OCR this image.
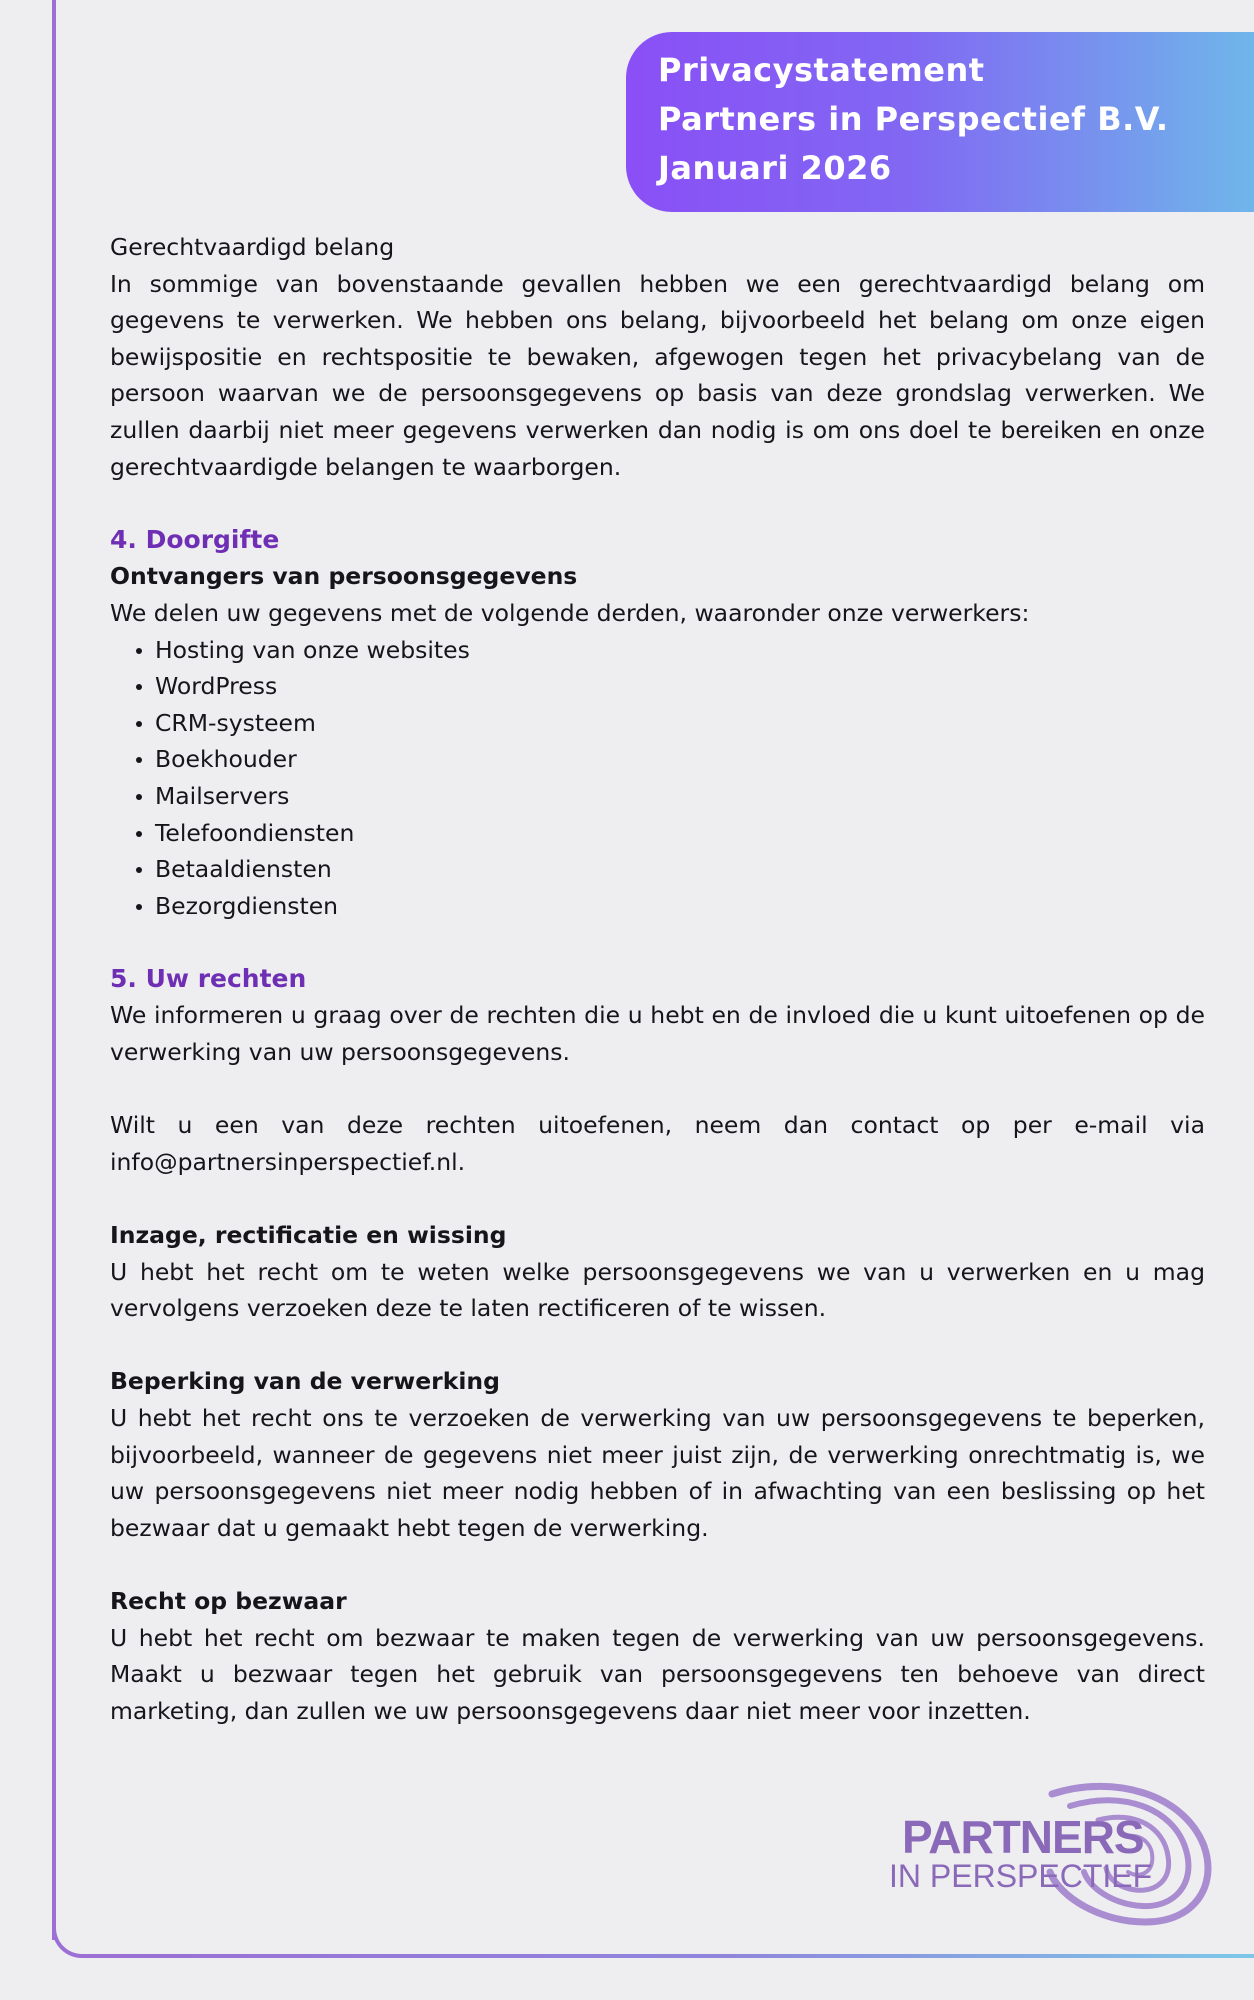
Privacystatement
Partners in Perspectief B.V.
Januari 2026

Gerechtvaardigd belang

In sommige van bovenstaande gevallen hebben we een gerechtvaardigd belang om gegevens te verwerken. We hebben ons belang, bijvoorbeeld het belang om onze eigen bewijspositie en rechtspositie te bewaken, afgewogen tegen het privacybelang van de persoon waarvan we de persoonsgegevens op basis van deze grondslag verwerken. We zullen daarbij niet meer gegevens verwerken dan nodig is om ons doel te bereiken en onze gerechtvaardigde belangen te waarborgen.

4. Doorgifte

Ontvangers van persoonsgegevens

We delen uw gegevens met de volgende derden, waaronder onze verwerkers:

Hosting van onze websites
WordPress
CRM-systeem
Boekhouder
Mailservers
Telefoondiensten
Betaaldiensten
Bezorgdiensten

5. Uw rechten

We informeren u graag over de rechten die u hebt en de invloed die u kunt uitoefenen op de verwerking van uw persoonsgegevens.

Wilt u een van deze rechten uitoefenen, neem dan contact op per e-mail via info@partnersinperspectief.nl.

Inzage, rectificatie en wissing

U hebt het recht om te weten welke persoonsgegevens we van u verwerken en u mag vervolgens verzoeken deze te laten rectificeren of te wissen.

Beperking van de verwerking

U hebt het recht ons te verzoeken de verwerking van uw persoonsgegevens te beperken, bijvoorbeeld, wanneer de gegevens niet meer juist zijn, de verwerking onrechtmatig is, we uw persoonsgegevens niet meer nodig hebben of in afwachting van een beslissing op het bezwaar dat u gemaakt hebt tegen de verwerking.

Recht op bezwaar

U hebt het recht om bezwaar te maken tegen de verwerking van uw persoonsgegevens. Maakt u bezwaar tegen het gebruik van persoonsgegevens ten behoeve van direct marketing, dan zullen we uw persoonsgegevens daar niet meer voor inzetten.

PARTNERS
IN PERSPECTIEF
